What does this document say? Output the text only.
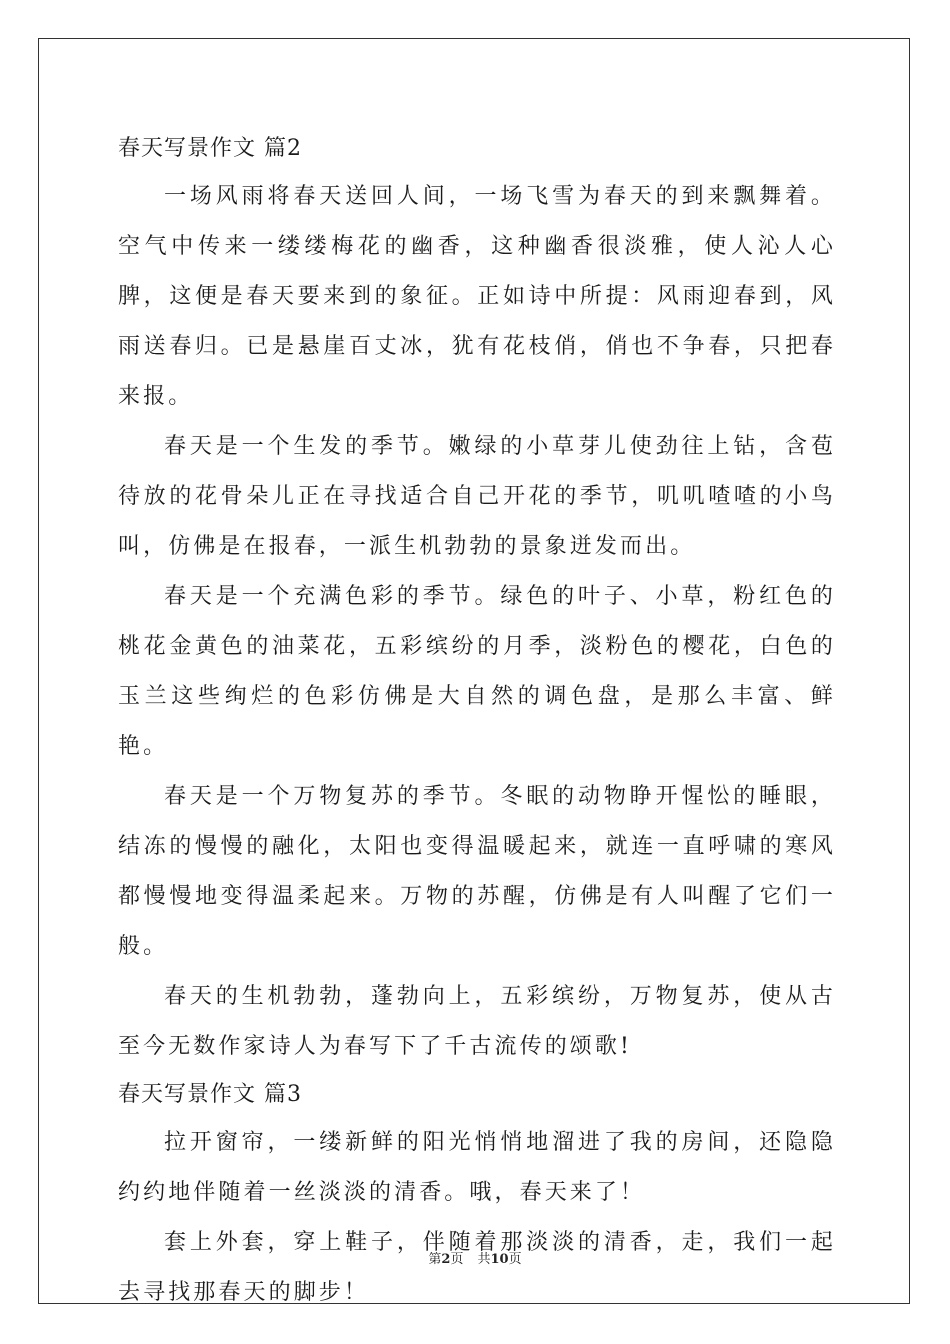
春天写景作文 篇2

一场风雨将春天送回人间，一场飞雪为春天的到来飘舞着。空气中传来一缕缕梅花的幽香，这种幽香很淡雅，使人沁人心脾，这便是春天要来到的象征。正如诗中所提：风雨迎春到，风雨送春归。已是悬崖百丈冰，犹有花枝俏，俏也不争春，只把春来报。

春天是一个生发的季节。嫩绿的小草芽儿使劲往上钻，含苞待放的花骨朵儿正在寻找适合自己开花的季节，叽叽喳喳的小鸟叫，仿佛是在报春，一派生机勃勃的景象迸发而出。

春天是一个充满色彩的季节。绿色的叶子、小草，粉红色的桃花金黄色的油菜花，五彩缤纷的月季，淡粉色的樱花，白色的玉兰这些绚烂的色彩仿佛是大自然的调色盘，是那么丰富、鲜艳。

春天是一个万物复苏的季节。冬眠的动物睁开惺忪的睡眼，结冻的慢慢的融化，太阳也变得温暖起来，就连一直呼啸的寒风都慢慢地变得温柔起来。万物的苏醒，仿佛是有人叫醒了它们一般。

春天的生机勃勃，蓬勃向上，五彩缤纷，万物复苏，使从古至今无数作家诗人为春写下了千古流传的颂歌!

春天写景作文 篇3

拉开窗帘，一缕新鲜的阳光悄悄地溜进了我的房间，还隐隐约约地伴随着一丝淡淡的清香。哦，春天来了！

套上外套，穿上鞋子，伴随着那淡淡的清香，走，我们一起去寻找那春天的脚步！

第2页 共10页
